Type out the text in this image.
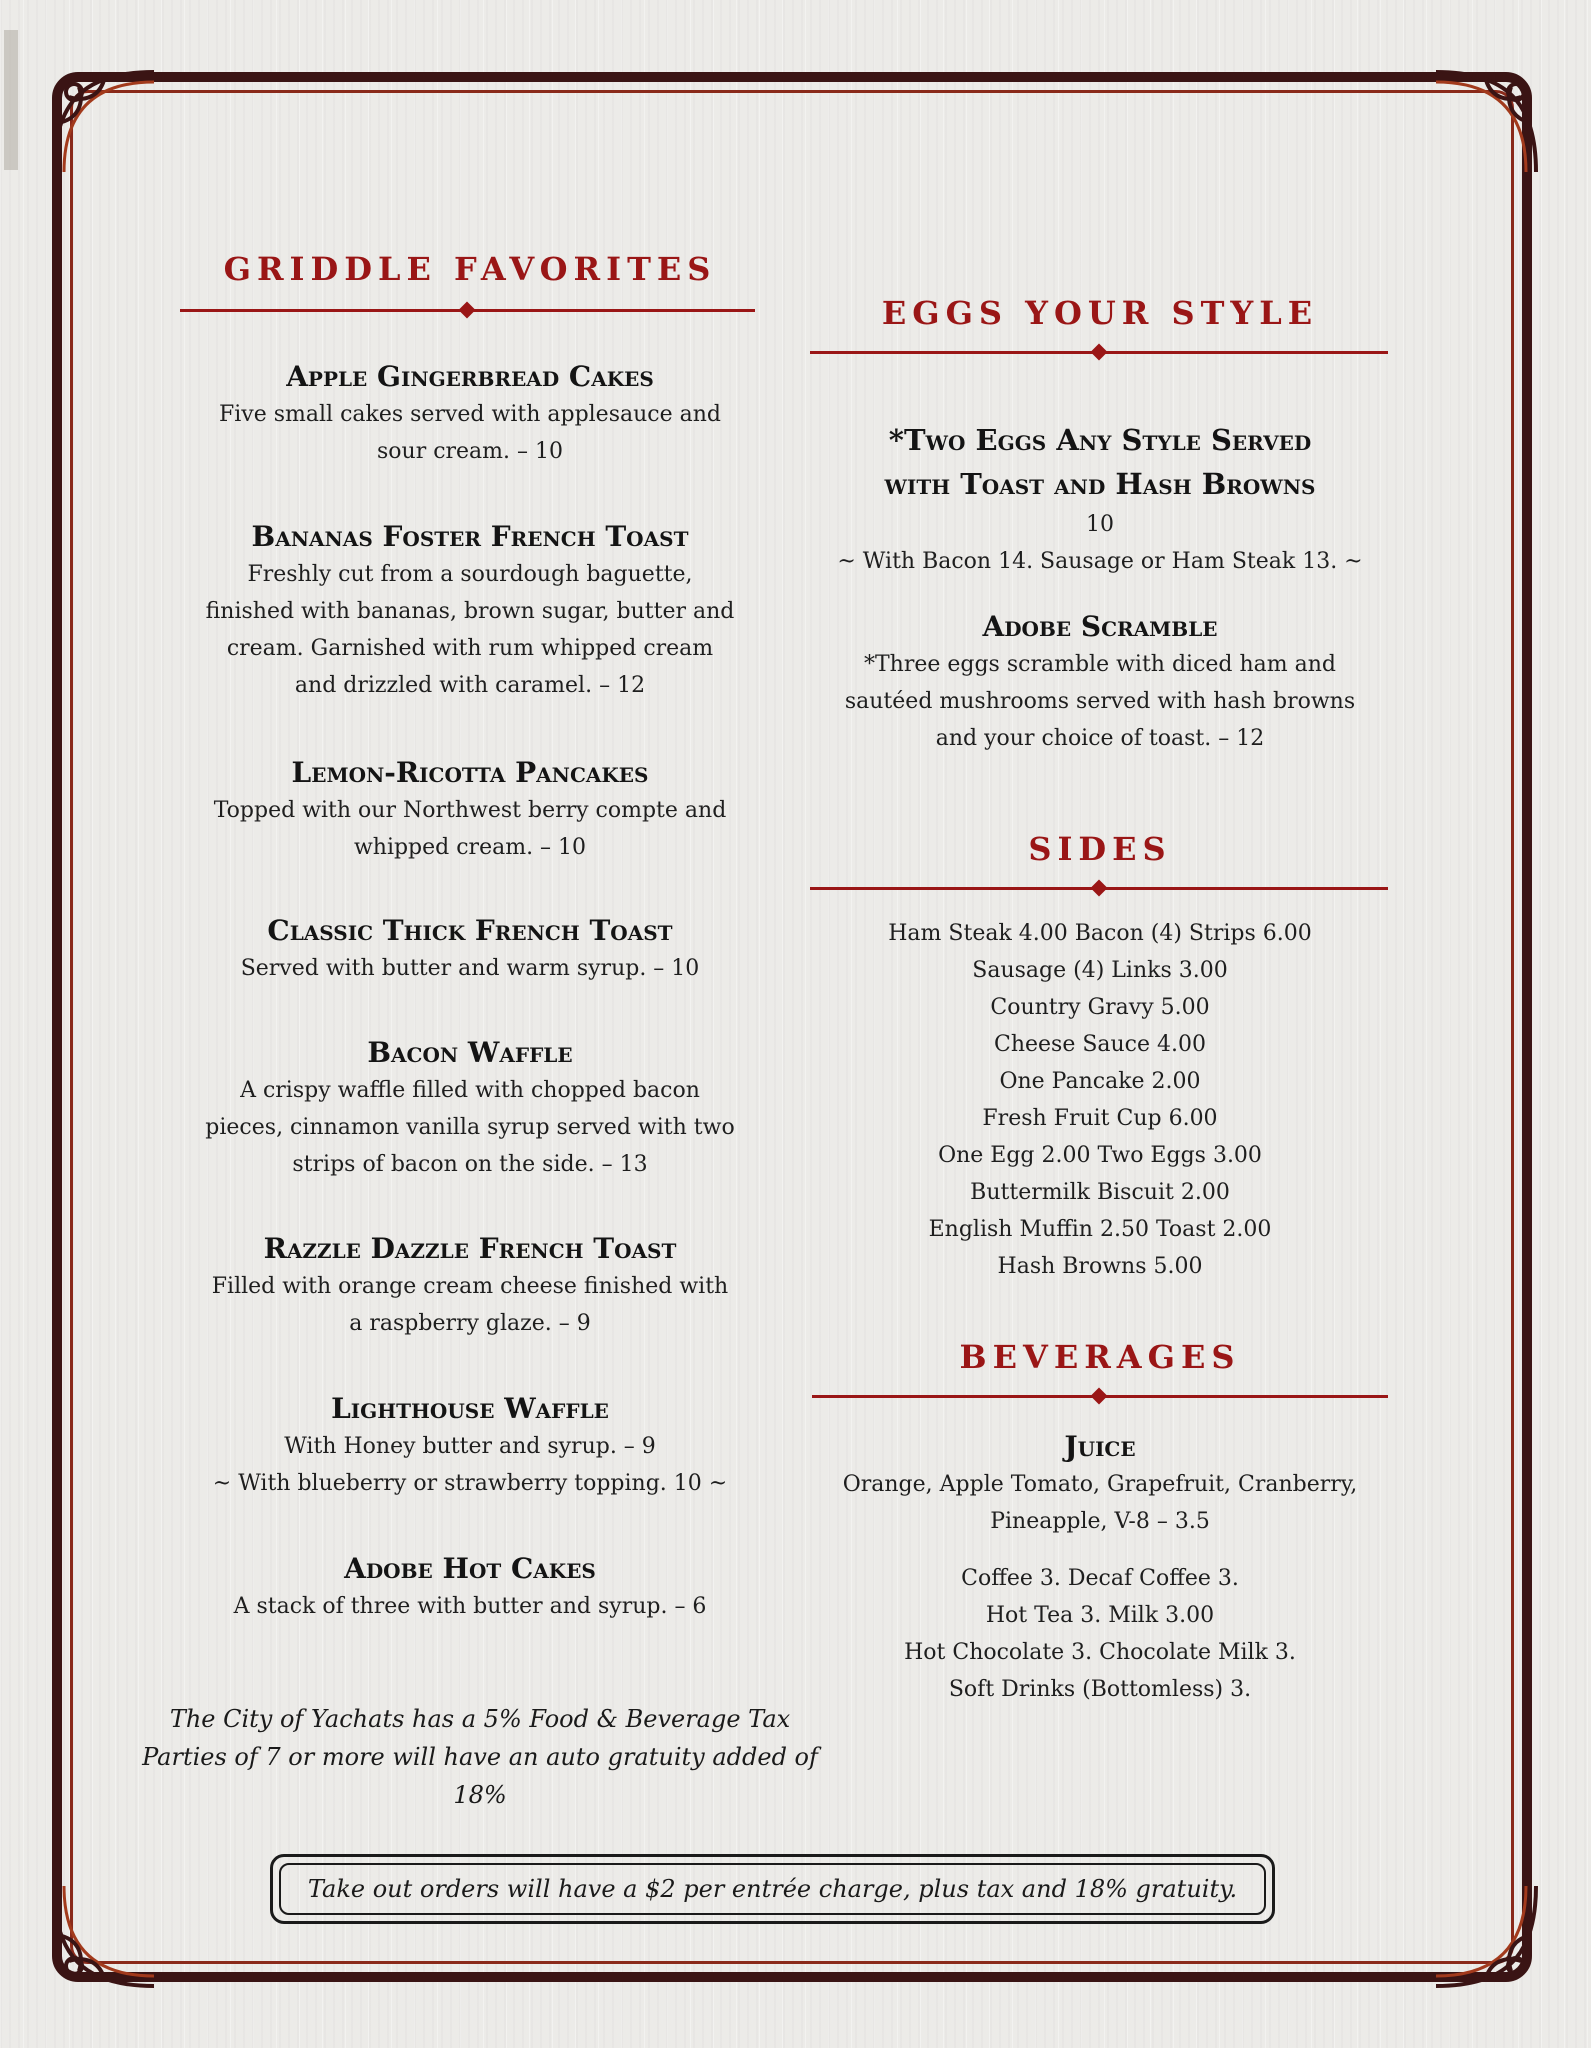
GRIDDLE FAVORITES
Apple Gingerbread Cakes
Five small cakes served with applesauce and
sour cream. – 10
Bananas Foster French Toast
Freshly cut from a sourdough baguette,
finished with bananas, brown sugar, butter and
cream. Garnished with rum whipped cream
and drizzled with caramel. – 12
Lemon-Ricotta Pancakes
Topped with our Northwest berry compte and
whipped cream. – 10
Classic Thick French Toast
Served with butter and warm syrup. – 10
Bacon Waffle
A crispy waffle filled with chopped bacon
pieces, cinnamon vanilla syrup served with two
strips of bacon on the side. – 13
Razzle Dazzle French Toast
Filled with orange cream cheese finished with
a raspberry glaze. – 9
Lighthouse Waffle
With Honey butter and syrup. – 9
~ With blueberry or strawberry topping. 10 ~
Adobe Hot Cakes
A stack of three with butter and syrup. – 6
The City of Yachats has a 5% Food & Beverage Tax
Parties of 7 or more will have an auto gratuity added of 18%
EGGS YOUR STYLE
*Two Eggs Any Style Served
with Toast and Hash Browns
10
~ With Bacon 14. Sausage or Ham Steak 13. ~
Adobe Scramble
*Three eggs scramble with diced ham and
sautéed mushrooms served with hash browns
and your choice of toast. – 12
SIDES
Ham Steak 4.00 Bacon (4) Strips 6.00
Sausage (4) Links 3.00
Country Gravy 5.00
Cheese Sauce 4.00
One Pancake 2.00
Fresh Fruit Cup 6.00
One Egg 2.00 Two Eggs 3.00
Buttermilk Biscuit 2.00
English Muffin 2.50 Toast 2.00
Hash Browns 5.00
BEVERAGES
Juice
Orange, Apple Tomato, Grapefruit, Cranberry,
Pineapple, V-8 – 3.5
Coffee 3. Decaf Coffee 3.
Hot Tea 3. Milk 3.00
Hot Chocolate 3. Chocolate Milk 3.
Soft Drinks (Bottomless) 3.
Take out orders will have a $2 per entrée charge, plus tax and 18% gratuity.
